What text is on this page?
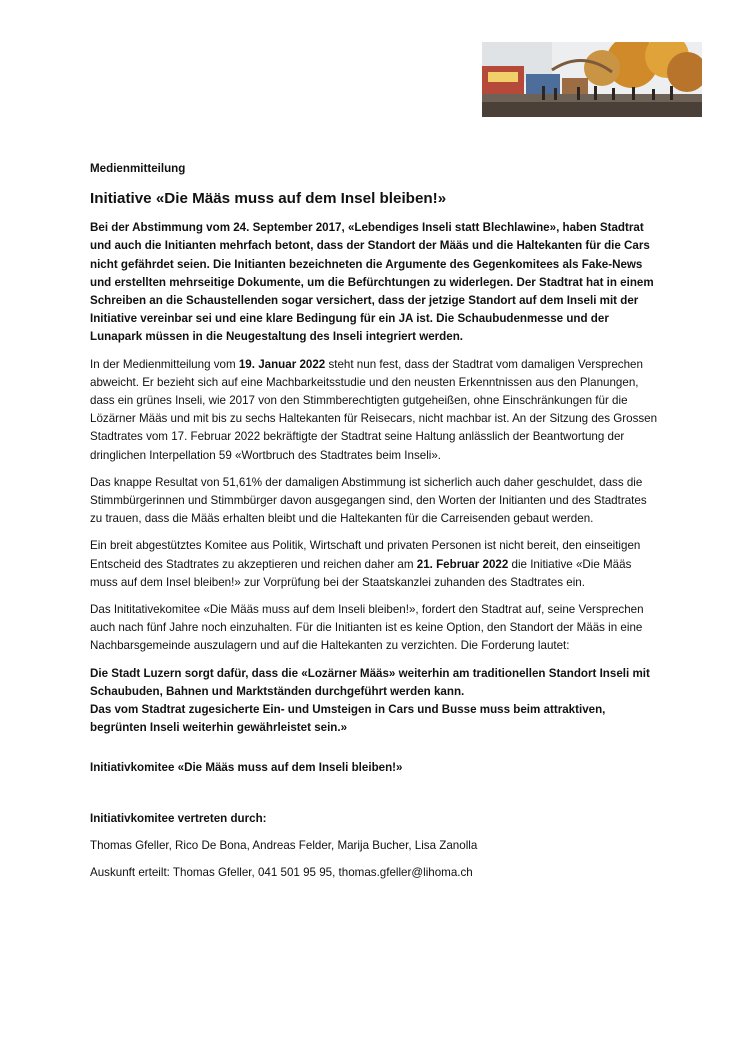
Medienmitteilung
Initiative «Die Määs muss auf dem Insel bleiben!»

Bei der Abstimmung vom 24. September 2017, «Lebendiges Inseli statt Blechlawine», haben Stadtrat und auch die Initianten mehrfach betont, dass der Standort der Määs und die Haltekanten für die Cars nicht gefährdet seien. Die Initianten bezeichneten die Argumente des Gegenkomitees als Fake-News und erstellten mehrseitige Dokumente, um die Befürchtungen zu widerlegen. Der Stadtrat hat in einem Schreiben an die Schaustellenden sogar versichert, dass der jetzige Standort auf dem Inseli mit der Initiative vereinbar sei und eine klare Bedingung für ein JA ist. Die Schaubudenmesse und der Lunapark müssen in die Neugestaltung des Inseli integriert werden.

In der Medienmitteilung vom 19. Januar 2022 steht nun fest, dass der Stadtrat vom damaligen Versprechen abweicht. Er bezieht sich auf eine Machbarkeitsstudie und den neusten Erkenntnissen aus den Planungen, dass ein grünes Inseli, wie 2017 von den Stimmberechtigten gutgeheißen, ohne Einschränkungen für die Lözärner Määs und mit bis zu sechs Haltekanten für Reisecars, nicht machbar ist. An der Sitzung des Grossen Stadtrates vom 17. Februar 2022 bekräftigte der Stadtrat seine Haltung anlässlich der Beantwortung der dringlichen Interpellation 59 «Wortbruch des Stadtrates beim Inseli».

Das knappe Resultat von 51,61% der damaligen Abstimmung ist sicherlich auch daher geschuldet, dass die Stimmbürgerinnen und Stimmbürger davon ausgegangen sind, den Worten der Initianten und des Stadtrates zu trauen, dass die Määs erhalten bleibt und die Haltekanten für die Carreisenden gebaut werden.

Ein breit abgestütztes Komitee aus Politik, Wirtschaft und privaten Personen ist nicht bereit, den einseitigen Entscheid des Stadtrates zu akzeptieren und reichen daher am 21. Februar 2022 die Initiative «Die Määs muss auf dem Insel bleiben!» zur Vorprüfung bei der Staatskanzlei zuhanden des Stadtrates ein.

Das Inititativekomitee «Die Määs muss auf dem Inseli bleiben!», fordert den Stadtrat auf, seine Versprechen auch nach fünf Jahre noch einzuhalten. Für die Initianten ist es keine Option, den Standort der Määs in eine Nachbarsgemeinde auszulagern und auf die Haltekanten zu verzichten. Die Forderung lautet:

Die Stadt Luzern sorgt dafür, dass die «Lozärner Määs» weiterhin am traditionellen Standort Inseli mit Schaubuden, Bahnen und Marktständen durchgeführt werden kann.
Das vom Stadtrat zugesicherte Ein- und Umsteigen in Cars und Busse muss beim attraktiven, begrünten Inseli weiterhin gewährleistet sein.»
Initiativkomitee «Die Määs muss auf dem Inseli bleiben!»
Initiativkomitee vertreten durch:

Thomas Gfeller, Rico De Bona, Andreas Felder, Marija Bucher, Lisa Zanolla

Auskunft erteilt: Thomas Gfeller, 041 501 95 95, thomas.gfeller@lihoma.ch
